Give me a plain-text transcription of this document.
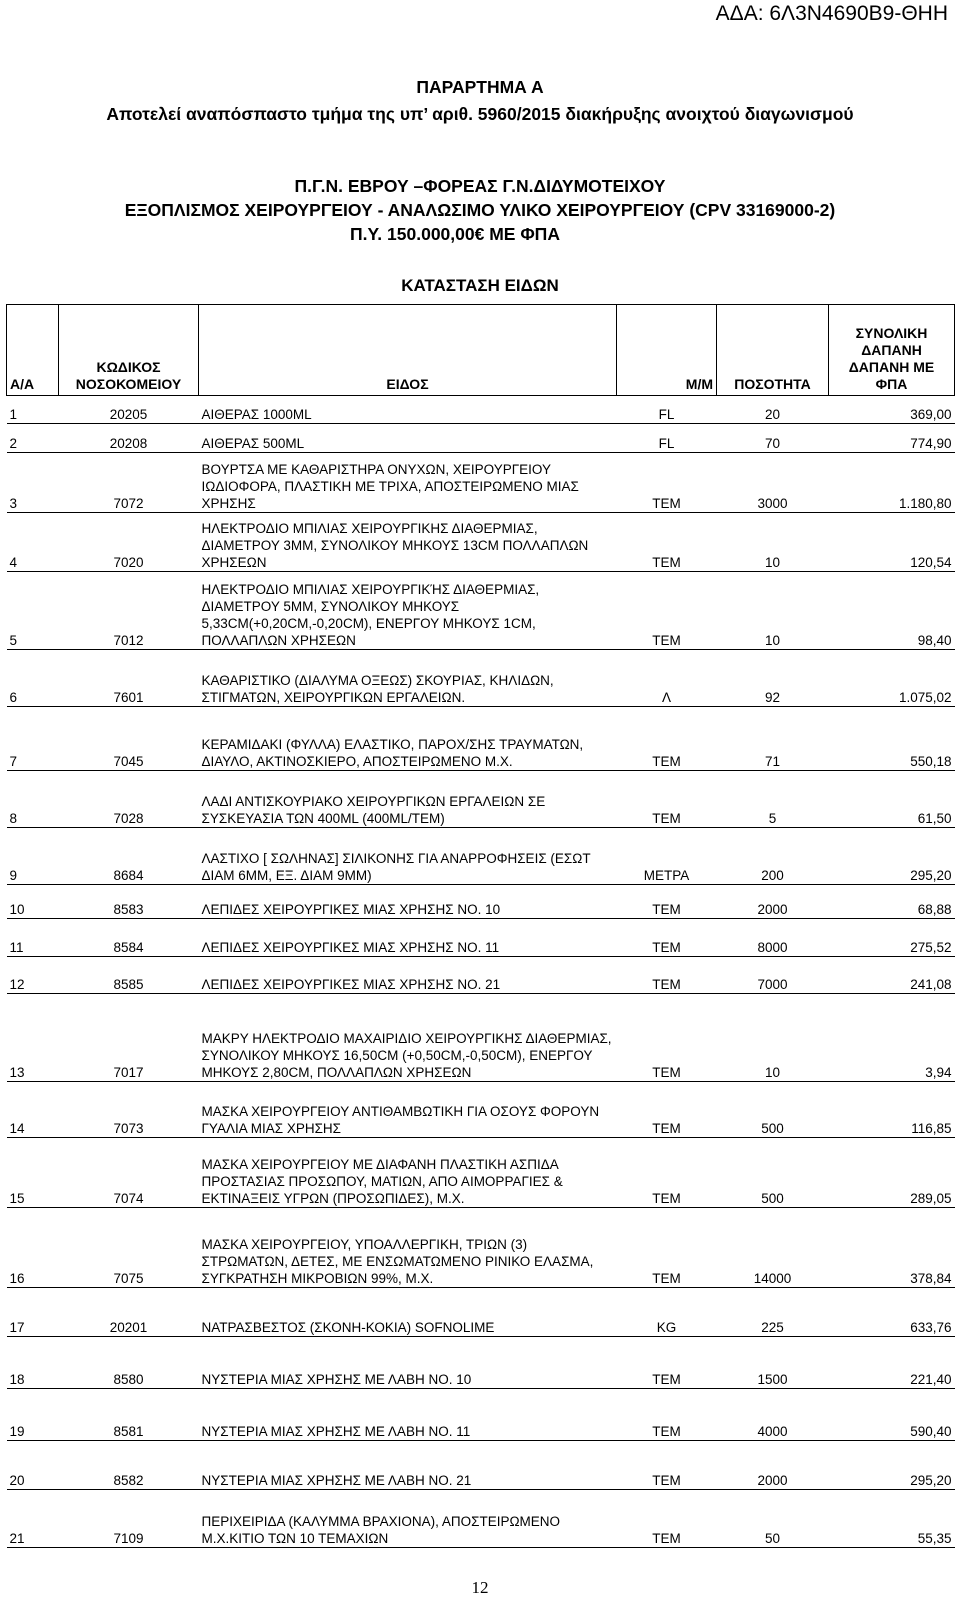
ΑΔΑ: 6Λ3Ν4690Β9-ΘΗΗ
ΠΑΡΑΡΤΗΜΑ Α
Αποτελεί αναπόσπαστο τμήμα της υπ’ αριθ. 5960/2015 διακήρυξης ανοιχτού διαγωνισμού
Π.Γ.Ν. ΕΒΡΟΥ –ΦΟΡΕΑΣ Γ.Ν.ΔΙΔΥΜΟΤΕΙΧΟΥ
ΕΞΟΠΛΙΣΜΟΣ ΧΕΙΡΟΥΡΓΕΙΟΥ - ΑΝΑΛΩΣΙΜΟ ΥΛΙΚΟ ΧΕΙΡΟΥΡΓΕΙΟΥ (CPV 33169000-2)
Π.Υ. 150.000,00€ ΜΕ ΦΠΑ
ΚΑΤΑΣΤΑΣΗ ΕΙΔΩΝ
Α/Α	ΚΩΔΙΚΟΣ ΝΟΣΟΚΟΜΕΙΟΥ	ΕΙΔΟΣ	Μ/Μ	ΠΟΣΟΤΗΤΑ	ΣΥΝΟΛΙΚΗ ΔΑΠΑΝΗ ΔΑΠΑΝΗ ΜΕ ΦΠΑ
1	20205	ΑΙΘΕΡΑΣ 1000ML	FL	20	369,00
2	20208	ΑΙΘΕΡΑΣ 500ML	FL	70	774,90
3	7072	ΒΟΥΡΤΣΑ ΜΕ ΚΑΘΑΡΙΣΤΗΡΑ ΟΝΥΧΩΝ, ΧΕΙΡΟΥΡΓΕΙΟΥ ΙΩΔΙΟΦΟΡΑ, ΠΛΑΣΤΙΚΗ ΜΕ ΤΡΙΧΑ, ΑΠΟΣΤΕΙΡΩΜΕΝΟ ΜΙΑΣ ΧΡΗΣΗΣ	ΤΕΜ	3000	1.180,80
4	7020	ΗΛΕΚΤΡΟΔΙΟ ΜΠΙΛΙΑΣ ΧΕΙΡΟΥΡΓΙΚΗΣ ΔΙΑΘΕΡΜΙΑΣ, ΔΙΑΜΕΤΡΟΥ 3ΜΜ, ΣΥΝΟΛΙΚΟΥ ΜΗΚΟΥΣ 13CM ΠΟΛΛΑΠΛΩΝ ΧΡΗΣΕΩΝ	ΤΕΜ	10	120,54
5	7012	ΗΛΕΚΤΡΟΔΙΟ ΜΠΙΛΙΑΣ ΧΕΙΡΟΥΡΓΙΚΉΣ ΔΙΑΘΕΡΜΙΑΣ, ΔΙΑΜΕΤΡΟΥ 5ΜΜ, ΣΥΝΟΛΙΚΟΥ ΜΗΚΟΥΣ 5,33CM(+0,20CM,-0,20CM), ΕΝΕΡΓΟΥ ΜΗΚΟΥΣ 1CM, ΠΟΛΛΑΠΛΩΝ ΧΡΗΣΕΩΝ	ΤΕΜ	10	98,40
6	7601	ΚΑΘΑΡΙΣΤΙΚΟ (ΔΙΑΛΥΜΑ ΟΞΕΩΣ) ΣΚΟΥΡΙΑΣ, ΚΗΛΙΔΩΝ, ΣΤΙΓΜΑΤΩΝ, ΧΕΙΡΟΥΡΓΙΚΩΝ ΕΡΓΑΛΕΙΩΝ.	Λ	92	1.075,02
7	7045	ΚΕΡΑΜΙΔΑΚΙ (ΦΥΛΛΑ) ΕΛΑΣΤΙΚΟ, ΠΑΡΟΧ/ΣΗΣ ΤΡΑΥΜΑΤΩΝ, ΔΙΑΥΛΟ, ΑΚΤΙΝΟΣΚΙΕΡΟ, ΑΠΟΣΤΕΙΡΩΜΕΝΟ Μ.Χ.	ΤΕΜ	71	550,18
8	7028	ΛΑΔΙ ΑΝΤΙΣΚΟΥΡΙΑΚΟ ΧΕΙΡΟΥΡΓΙΚΩΝ ΕΡΓΑΛΕΙΩΝ ΣΕ ΣΥΣΚΕΥΑΣΙΑ ΤΩΝ 400ML (400ML/ΤΕΜ)	ΤΕΜ	5	61,50
9	8684	ΛΑΣΤΙΧΟ [ ΣΩΛΗΝΑΣ] ΣΙΛΙΚΟΝΗΣ ΓΙΑ ΑΝΑΡΡΟΦΗΣΕΙΣ (ΕΣΩΤ ΔΙΑΜ 6ΜΜ, ΕΞ. ΔΙΑΜ 9ΜΜ)	ΜΕΤΡΑ	200	295,20
10	8583	ΛΕΠΙΔΕΣ ΧΕΙΡΟΥΡΓΙΚΕΣ ΜΙΑΣ ΧΡΗΣΗΣ ΝΟ. 10	ΤΕΜ	2000	68,88
11	8584	ΛΕΠΙΔΕΣ ΧΕΙΡΟΥΡΓΙΚΕΣ ΜΙΑΣ ΧΡΗΣΗΣ ΝΟ. 11	ΤΕΜ	8000	275,52
12	8585	ΛΕΠΙΔΕΣ ΧΕΙΡΟΥΡΓΙΚΕΣ ΜΙΑΣ ΧΡΗΣΗΣ ΝΟ. 21	ΤΕΜ	7000	241,08
13	7017	ΜΑΚΡΥ ΗΛΕΚΤΡΟΔΙΟ ΜΑΧΑΙΡΙΔΙΟ ΧΕΙΡΟΥΡΓΙΚΗΣ ΔΙΑΘΕΡΜΙΑΣ, ΣΥΝΟΛΙΚΟΥ ΜΗΚΟΥΣ 16,50CM (+0,50CM,-0,50CM), ΕΝΕΡΓΟΥ ΜΗΚΟΥΣ 2,80CM, ΠΟΛΛΑΠΛΩΝ ΧΡΗΣΕΩΝ	ΤΕΜ	10	3,94
14	7073	ΜΑΣΚΑ ΧΕΙΡΟΥΡΓΕΙΟΥ ΑΝΤΙΘΑΜΒΩΤΙΚΗ ΓΙΑ ΟΣΟΥΣ ΦΟΡΟΥΝ ΓΥΑΛΙΑ ΜΙΑΣ ΧΡΗΣΗΣ	ΤΕΜ	500	116,85
15	7074	ΜΑΣΚΑ ΧΕΙΡΟΥΡΓΕΙΟΥ ΜΕ ΔΙΑΦΑΝΗ ΠΛΑΣΤΙΚΗ ΑΣΠΙΔΑ ΠΡΟΣΤΑΣΙΑΣ ΠΡΟΣΩΠΟΥ, ΜΑΤΙΩΝ, ΑΠΟ ΑΙΜΟΡΡΑΓΙΕΣ & ΕΚΤΙΝΑΞΕΙΣ ΥΓΡΩΝ (ΠΡΟΣΩΠΙΔΕΣ), Μ.Χ.	ΤΕΜ	500	289,05
16	7075	ΜΑΣΚΑ ΧΕΙΡΟΥΡΓΕΙΟΥ, ΥΠΟΑΛΛΕΡΓΙΚΗ, ΤΡΙΩΝ (3) ΣΤΡΩΜΑΤΩΝ, ΔΕΤΕΣ, ΜΕ ΕΝΣΩΜΑΤΩΜΕΝΟ ΡΙΝΙΚΟ ΕΛΑΣΜΑ, ΣΥΓΚΡΑΤΗΣΗ ΜΙΚΡΟΒΙΩΝ 99%, Μ.Χ.	ΤΕΜ	14000	378,84
17	20201	ΝΑΤΡΑΣΒΕΣΤΟΣ (ΣΚΟΝΗ-ΚΟΚΙΑ) SOFNOLIME	KG	225	633,76
18	8580	ΝΥΣΤΕΡΙΑ ΜΙΑΣ ΧΡΗΣΗΣ ΜΕ ΛΑΒΗ ΝΟ. 10	ΤΕΜ	1500	221,40
19	8581	ΝΥΣΤΕΡΙΑ ΜΙΑΣ ΧΡΗΣΗΣ ΜΕ ΛΑΒΗ ΝΟ. 11	ΤΕΜ	4000	590,40
20	8582	ΝΥΣΤΕΡΙΑ ΜΙΑΣ ΧΡΗΣΗΣ ΜΕ ΛΑΒΗ ΝΟ. 21	ΤΕΜ	2000	295,20
21	7109	ΠΕΡΙΧΕΙΡΙΔΑ (ΚΑΛΥΜΜΑ ΒΡΑΧΙΟΝΑ), ΑΠΟΣΤΕΙΡΩΜΕΝΟ Μ.Χ.ΚΙΤΙΟ ΤΩΝ 10 ΤΕΜΑΧΙΩΝ	ΤΕΜ	50	55,35
12
